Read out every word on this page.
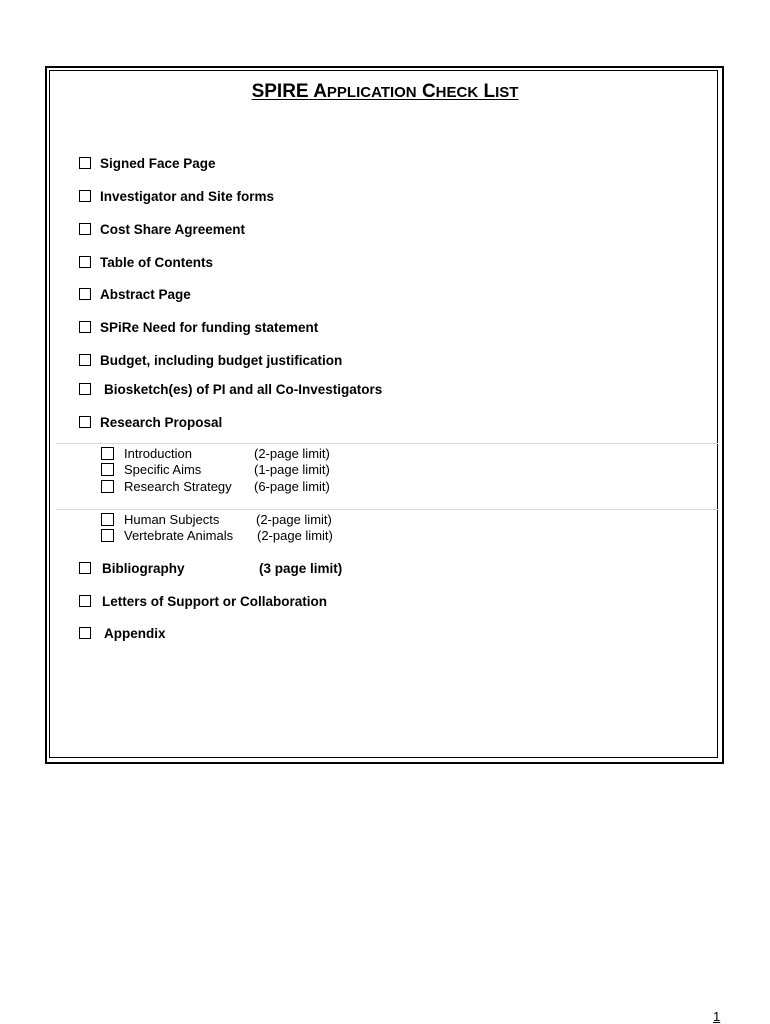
SPIRE APPLICATION CHECK LIST
Signed Face Page
Investigator and Site forms
Cost Share Agreement
Table of Contents
Abstract Page
SPiRe Need for funding statement
Budget, including budget justification
Biosketch(es) of PI and all Co-Investigators
Research Proposal
Introduction	(2-page limit)
Specific Aims	(1-page limit)
Research Strategy	(6-page limit)
Human Subjects	(2-page limit)
Vertebrate Animals	(2-page limit)
Bibliography	(3 page limit)
Letters of Support or Collaboration
Appendix
1
